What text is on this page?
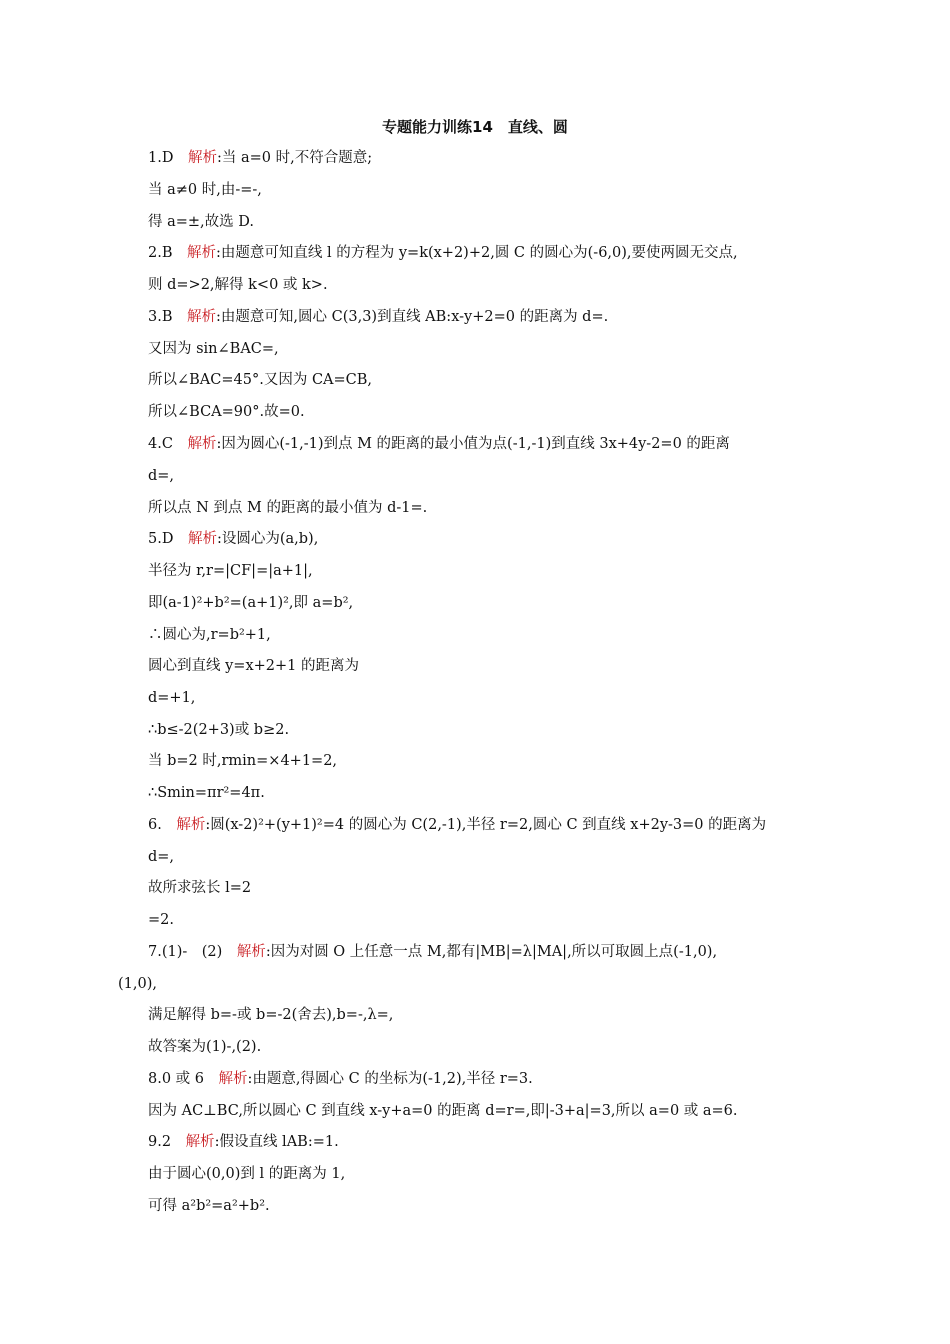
专题能力训练14　直线、圆
1.D　 解析:当 a=0 时,不符合题意;
当 a≠0 时,由-=-,
得 a=±,故选 D.
2.B　 解析:由题意可知直线 l 的方程为 y=k(x+2)+2,圆 C 的圆心为(-6,0),要使两圆无交点,
则 d=>2,解得 k<0 或 k>.
3.B　 解析:由题意可知,圆心 C(3,3)到直线 AB:x-y+2=0 的距离为 d=.
又因为 sin∠BAC=,
所以∠BAC=45°.又因为 CA=CB,
所以∠BCA=90°.故=0.
4.C　 解析:因为圆心(-1,-1)到点 M 的距离的最小值为点(-1,-1)到直线 3x+4y-2=0 的距离
d=,
所以点 N 到点 M 的距离的最小值为 d-1=.
5.D　 解析:设圆心为(a,b),
半径为 r,r=|CF|=|a+1|,
即(a-1)²+b²=(a+1)²,即 a=b²,
∴圆心为,r=b²+1,
圆心到直线 y=x+2+1 的距离为
d=+1,
∴b≤-2(2+3)或 b≥2.
当 b=2 时,rmin=×4+1=2,
∴Smin=πr²=4π.
6.　 解析:圆(x-2)²+(y+1)²=4 的圆心为 C(2,-1),半径 r=2,圆心 C 到直线 x+2y-3=0 的距离为
d=,
故所求弦长 l=2
=2.
7.(1)-　(2)　 解析:因为对圆 O 上任意一点 M,都有|MB|=λ|MA|,所以可取圆上点(-1,0),
(1,0),
满足解得 b=-或 b=-2(舍去),b=-,λ=,
故答案为(1)-,(2).
8.0 或 6　 解析:由题意,得圆心 C 的坐标为(-1,2),半径 r=3.
因为 AC⊥BC,所以圆心 C 到直线 x-y+a=0 的距离 d=r=,即|-3+a|=3,所以 a=0 或 a=6.
9.2　 解析:假设直线 lAB:=1.
由于圆心(0,0)到 l 的距离为 1,
可得 a²b²=a²+b².
